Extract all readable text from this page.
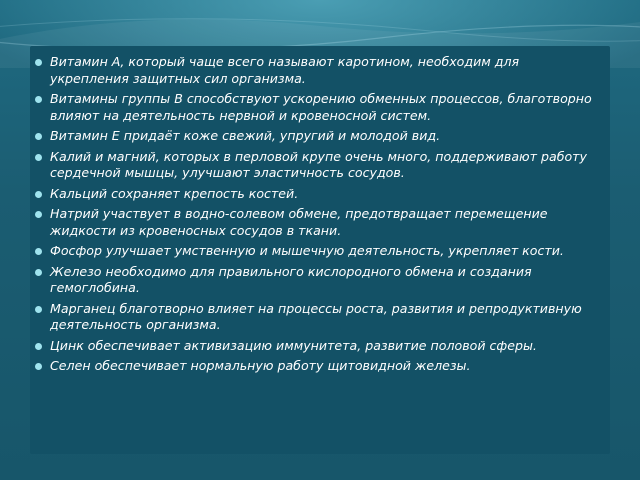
Витамин А, который чаще всего называют каротином, необходим для укрепления защитных сил организма.
Витамины группы В способствуют ускорению обменных процессов, благотворно влияют на деятельность нервной и кровеносной систем.
Витамин Е придаёт коже свежий, упругий и молодой вид.
Калий и магний, которых в перловой крупе очень много, поддерживают работу сердечной мышцы, улучшают эластичность сосудов.
Кальций сохраняет крепость костей.
Натрий участвует в водно-солевом обмене, предотвращает перемещение жидкости из кровеносных сосудов в ткани.
Фосфор улучшает умственную и мышечную деятельность, укрепляет кости.
Железо необходимо для правильного кислородного обмена и создания гемоглобина.
Марганец благотворно влияет на процессы роста, развития и репродуктивную деятельность организма.
Цинк обеспечивает активизацию иммунитета, развитие половой сферы.
Селен обеспечивает нормальную работу щитовидной железы.
